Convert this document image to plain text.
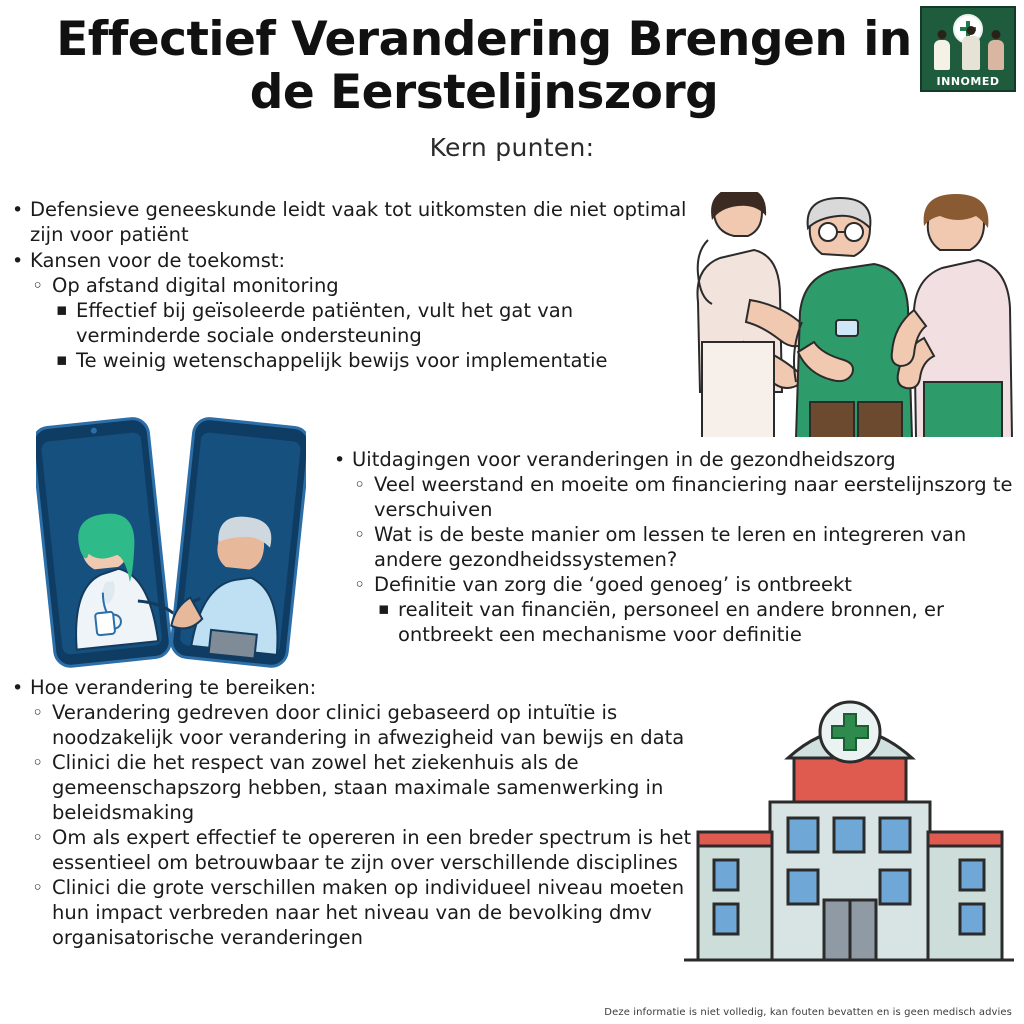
Effectief Verandering Brengen in de Eerstelijnszorg
Kern punten:
INNOMED
• Defensieve geneeskunde leidt vaak tot uitkomsten die niet optimal zijn voor patiënt
• Kansen voor de toekomst:
◦ Op afstand digital monitoring
▪ Effectief bij geïsoleerde patiënten, vult het gat van verminderde sociale ondersteuning
▪ Te weinig wetenschappelijk bewijs voor implementatie
• Uitdagingen voor veranderingen in de gezondheidszorg
◦ Veel weerstand en moeite om financiering naar eerstelijnszorg te verschuiven
◦ Wat is de beste manier om lessen te leren en integreren van andere gezondheidssystemen?
◦ Definitie van zorg die ‘goed genoeg’ is ontbreekt
▪ realiteit van financiën, personeel en andere bronnen, er ontbreekt een mechanisme voor definitie
• Hoe verandering te bereiken:
◦ Verandering gedreven door clinici gebaseerd op intuïtie is noodzakelijk voor verandering in afwezigheid van bewijs en data
◦ Clinici die het respect van zowel het ziekenhuis als de gemeenschapszorg hebben, staan maximale samenwerking in beleidsmaking
◦ Om als expert effectief te opereren in een breder spectrum is het essentieel om betrouwbaar te zijn over verschillende disciplines
◦ Clinici die grote verschillen maken op individueel niveau moeten hun impact verbreden naar het niveau van de bevolking dmv organisatorische veranderingen
Deze informatie is niet volledig, kan fouten bevatten en is geen medisch advies
